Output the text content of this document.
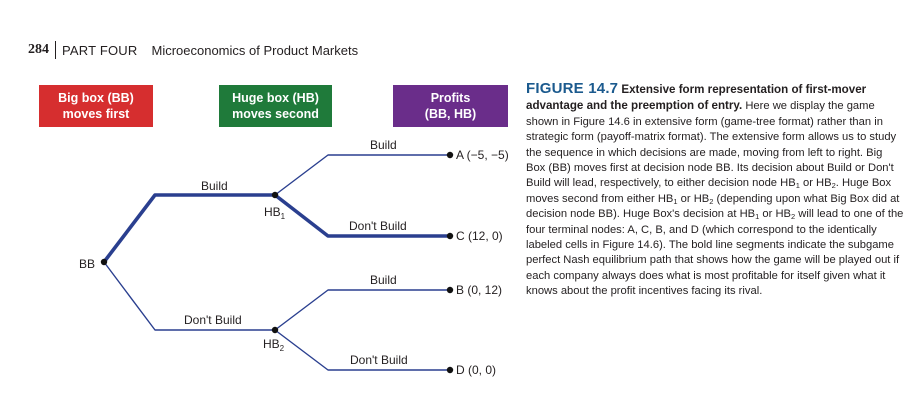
284	PART FOUR Microeconomics of Product Markets
Big box (BB)
moves first
Huge box (HB)
moves second
Profits
(BB, HB)
BB
$HB_1$
$HB_2$
Build
Don't Build
Build
Don't Build
Build
Don't Build
A (−5, −5)
C (12, 0)
B (0, 12)
D (0, 0)
FIGURE 14.7 Extensive form representation of first-mover advantage and the preemption of entry. Here we display the game shown in Figure 14.6 in extensive form (game-tree format) rather than in strategic form (payoff-matrix format). The extensive form allows us to study the sequence in which decisions are made, moving from left to right. Big Box (BB) moves first at decision node BB. Its decision about Build or Don't Build will lead, respectively, to either decision node $HB_1$ or $HB_2$. Huge Box moves second from either $HB_1$ or $HB_2$ (depending upon what Big Box did at decision node BB). Huge Box's decision at $HB_1$ or $HB_2$ will lead to one of the four terminal nodes: A, C, B, and D (which correspond to the identically labeled cells in Figure 14.6). The bold line segments indicate the subgame perfect Nash equilibrium path that shows how the game will be played out if each company always does what is most profitable for itself given what it knows about the profit incentives facing its rival.
